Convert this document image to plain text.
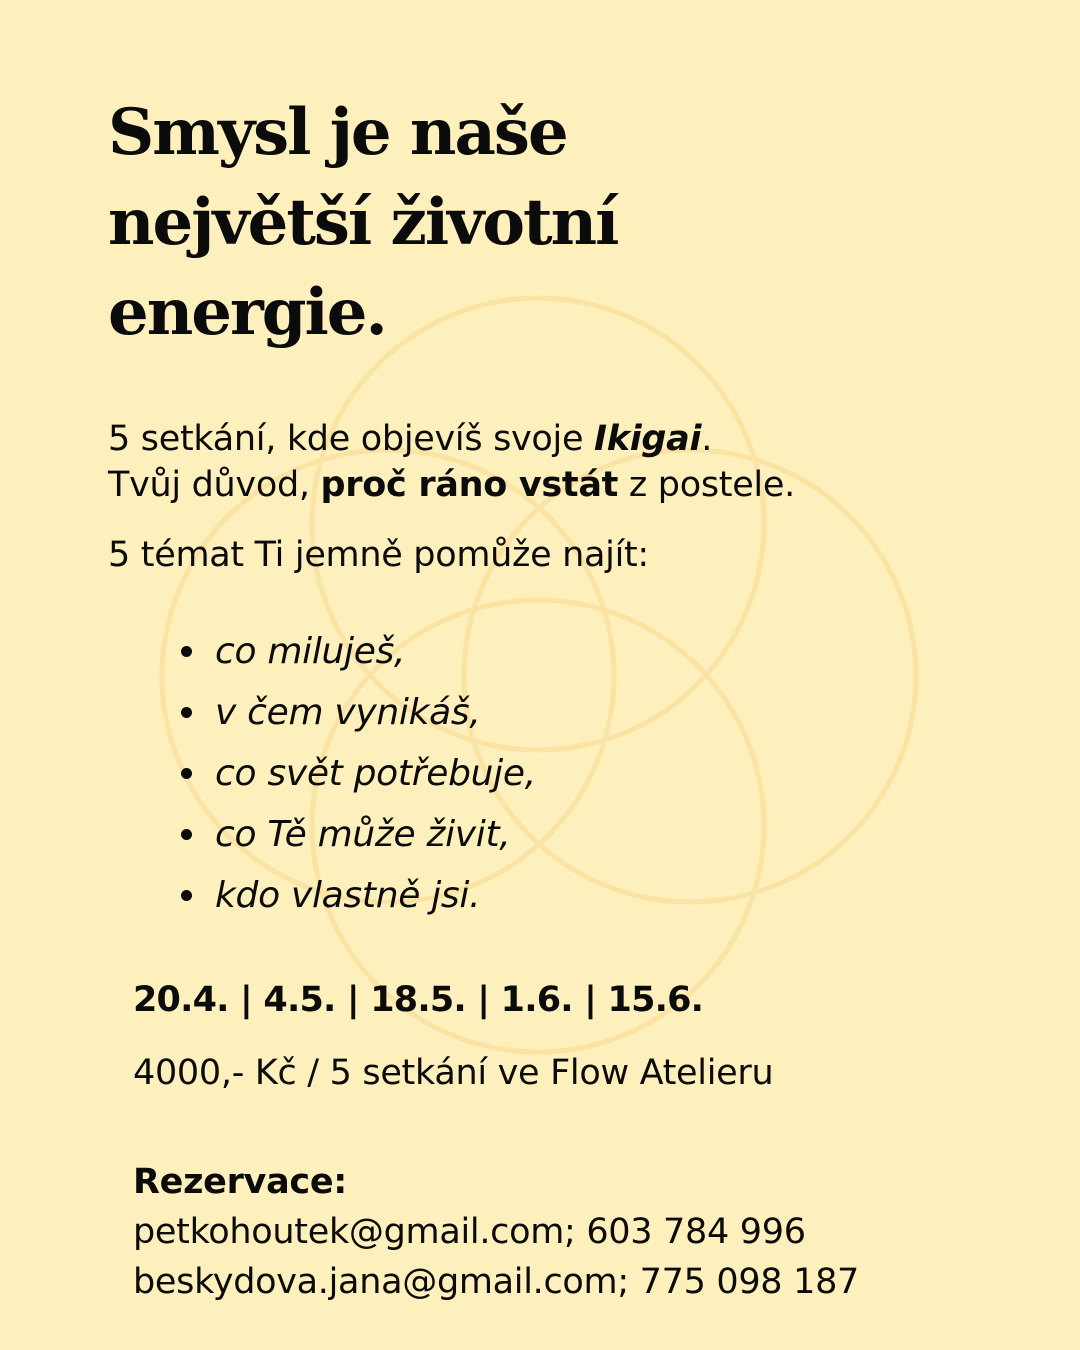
Smysl je naše
největší životní
energie.
5 setkání, kde objevíš svoje Ikigai.
Tvůj důvod, proč ráno vstát z postele.
5 témat Ti jemně pomůže najít:
co miluješ,
v čem vynikáš,
co svět potřebuje,
co Tě může živit,
kdo vlastně jsi.
20.4. | 4.5. | 18.5. | 1.6. | 15.6.
4000,- Kč / 5 setkání ve Flow Atelieru
Rezervace:
petkohoutek@gmail.com; 603 784 996
beskydova.jana@gmail.com; 775 098 187
